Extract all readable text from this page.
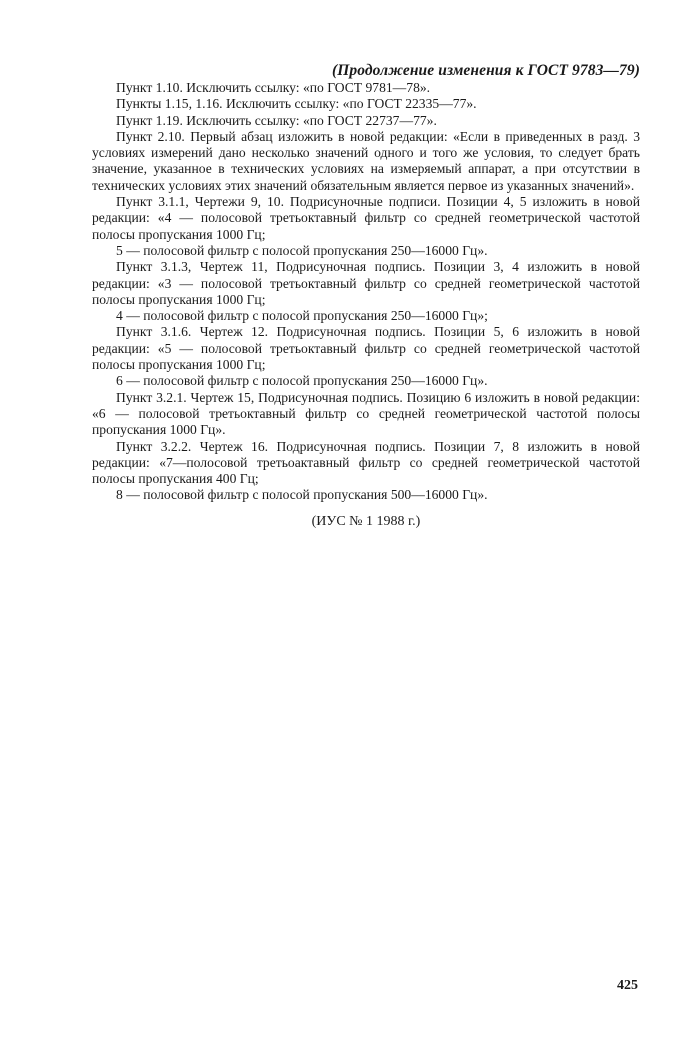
(Продолжение изменения к ГОСТ 9783—79)

Пункт 1.10. Исключить ссылку: «по ГОСТ 9781—78».

Пункты 1.15, 1.16. Исключить ссылку: «по ГОСТ 22335—77».

Пункт 1.19. Исключить ссылку: «по ГОСТ 22737—77».

Пункт 2.10. Первый абзац изложить в новой редакции: «Если в приведенных в разд. 3 условиях измерений дано несколько значений одного и того же условия, то следует брать значение, указанное в технических условиях на измеряемый аппарат, а при отсутствии в технических условиях этих значений обязательным является первое из указанных значений».

Пункт 3.1.1, Чертежи 9, 10. Подрисуночные подписи. Позиции 4, 5 изложить в новой редакции: «4 — полосовой третьоктавный фильтр со средней геометрической частотой полосы пропускания 1000 Гц;

5 — полосовой фильтр с полосой пропускания 250—16000 Гц».

Пункт 3.1.3, Чертеж 11, Подрисуночная подпись. Позиции 3, 4 изложить в новой редакции: «3 — полосовой третьоктавный фильтр со средней геометрической частотой полосы пропускания 1000 Гц;

4 — полосовой фильтр с полосой пропускания 250—16000 Гц»;

Пункт 3.1.6. Чертеж 12. Подрисуночная подпись. Позиции 5, 6 изложить в новой редакции: «5 — полосовой третьоктавный фильтр со средней геометрической частотой полосы пропускания 1000 Гц;

6 — полосовой фильтр с полосой пропускания 250—16000 Гц».

Пункт 3.2.1. Чертеж 15, Подрисуночная подпись. Позицию 6 изложить в новой редакции: «6 — полосовой третьоктавный фильтр со средней геометрической частотой полосы пропускания 1000 Гц».

Пункт 3.2.2. Чертеж 16. Подрисуночная подпись. Позиции 7, 8 изложить в новой редакции: «7—полосовой третьоактавный фильтр со средней геометрической частотой полосы пропускания 400 Гц;

8 — полосовой фильтр с полосой пропускания 500—16000 Гц».

(ИУС № 1 1988 г.)

425
